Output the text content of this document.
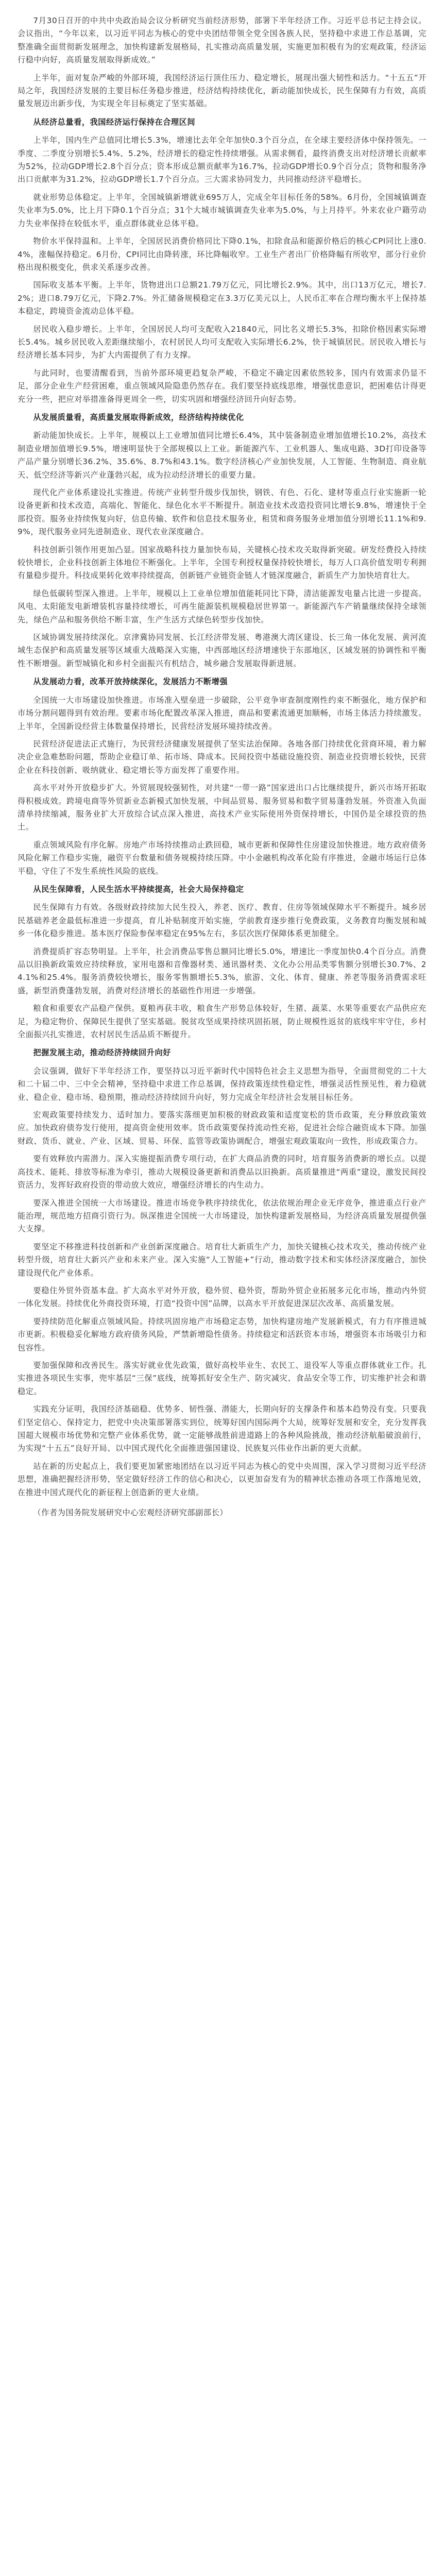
7月30日召开的中共中央政治局会议分析研究当前经济形势，部署下半年经济工作。习近平总书记主持会议。会议指出，“今年以来，以习近平同志为核心的党中央团结带领全党全国各族人民，坚持稳中求进工作总基调，完整准确全面贯彻新发展理念，加快构建新发展格局，扎实推动高质量发展，实施更加积极有为的宏观政策，经济运行稳中向好，高质量发展取得新成效。”

上半年，面对复杂严峻的外部环境，我国经济运行顶住压力、稳定增长，展现出强大韧性和活力。“十五五”开局之年，我国经济发展的主要目标任务稳步推进，经济结构持续优化，新动能加快成长，民生保障有力有效，高质量发展迈出新步伐，为实现全年目标奠定了坚实基础。

从经济总量看，我国经济运行保持在合理区间

上半年，国内生产总值同比增长5.3%，增速比去年全年加快0.3个百分点，在全球主要经济体中保持领先。一季度、二季度分别增长5.4%、5.2%，经济增长的稳定性持续增强。从需求侧看，最终消费支出对经济增长贡献率为52%，拉动GDP增长2.8个百分点；资本形成总额贡献率为16.7%，拉动GDP增长0.9个百分点；货物和服务净出口贡献率为31.2%，拉动GDP增长1.7个百分点。三大需求协同发力，共同推动经济平稳增长。

就业形势总体稳定。上半年，全国城镇新增就业695万人，完成全年目标任务的58%。6月份，全国城镇调查失业率为5.0%，比上月下降0.1个百分点；31个大城市城镇调查失业率为5.0%，与上月持平。外来农业户籍劳动力失业率保持在较低水平，重点群体就业总体平稳。

物价水平保持温和。上半年，全国居民消费价格同比下降0.1%，扣除食品和能源价格后的核心CPI同比上涨0.4%，涨幅保持稳定。6月份，CPI同比由降转涨，环比降幅收窄。工业生产者出厂价格降幅有所收窄，部分行业价格出现积极变化，供求关系逐步改善。

国际收支基本平衡。上半年，货物进出口总额21.79万亿元，同比增长2.9%。其中，出口13万亿元，增长7.2%；进口8.79万亿元，下降2.7%。外汇储备规模稳定在3.3万亿美元以上，人民币汇率在合理均衡水平上保持基本稳定，跨境资金流动总体平稳。

居民收入稳步增长。上半年，全国居民人均可支配收入21840元，同比名义增长5.3%，扣除价格因素实际增长5.4%。城乡居民收入差距继续缩小，农村居民人均可支配收入实际增长6.2%，快于城镇居民。居民收入增长与经济增长基本同步，为扩大内需提供了有力支撑。

与此同时，也要清醒看到，当前外部环境更趋复杂严峻，不稳定不确定因素依然较多，国内有效需求仍显不足，部分企业生产经营困难，重点领域风险隐患仍然存在。我们要坚持底线思维，增强忧患意识，把困难估计得更充分一些，把应对举措准备得更周全一些，切实巩固和增强经济回升向好态势。

从发展质量看，高质量发展取得新成效，经济结构持续优化

新动能加快成长。上半年，规模以上工业增加值同比增长6.4%，其中装备制造业增加值增长10.2%，高技术制造业增加值增长9.5%，增速明显快于全部规模以上工业。新能源汽车、工业机器人、集成电路、3D打印设备等产品产量分别增长36.2%、35.6%、8.7%和43.1%。数字经济核心产业加快发展，人工智能、生物制造、商业航天、低空经济等新兴产业蓬勃兴起，成为拉动经济增长的重要力量。

现代化产业体系建设扎实推进。传统产业转型升级步伐加快，钢铁、有色、石化、建材等重点行业实施新一轮设备更新和技术改造，高端化、智能化、绿色化水平不断提升。制造业技术改造投资同比增长9.8%，增速快于全部投资。服务业持续恢复向好，信息传输、软件和信息技术服务业，租赁和商务服务业增加值分别增长11.1%和9.9%，现代服务业同先进制造业、现代农业深度融合。

科技创新引领作用更加凸显。国家战略科技力量加快布局，关键核心技术攻关取得新突破。研发经费投入持续较快增长，企业科技创新主体地位不断强化。上半年，全国专利授权量保持较快增长，每万人口高价值发明专利拥有量稳步提升。科技成果转化效率持续提高，创新链产业链资金链人才链深度融合，新质生产力加快培育壮大。

绿色低碳转型深入推进。上半年，规模以上工业单位增加值能耗同比下降，清洁能源发电量占比进一步提高。风电、太阳能发电新增装机容量持续增长，可再生能源装机规模稳居世界第一。新能源汽车产销量继续保持全球领先，绿色产品和服务供给不断丰富，生产生活方式绿色转型步伐加快。

区域协调发展持续深化。京津冀协同发展、长江经济带发展、粤港澳大湾区建设、长三角一体化发展、黄河流域生态保护和高质量发展等区域重大战略深入实施，中西部地区经济增速快于东部地区，区域发展的协调性和平衡性不断增强。新型城镇化和乡村全面振兴有机结合，城乡融合发展取得新进展。

从发展动力看，改革开放持续深化，发展活力不断增强

全国统一大市场建设加快推进。市场准入壁垒进一步破除，公平竞争审查制度刚性约束不断强化，地方保护和市场分割问题得到有效治理。要素市场化配置改革深入推进，商品和要素流通更加顺畅，市场主体活力持续激发。上半年，全国新设经营主体数量保持增长，民营经济发展环境持续改善。

民营经济促进法正式施行，为民营经济健康发展提供了坚实法治保障。各地各部门持续优化营商环境，着力解决企业急难愁盼问题，帮助企业稳订单、拓市场、降成本。民间投资中基础设施投资、制造业投资增长较快，民营企业在科技创新、吸纳就业、稳定增长等方面发挥了重要作用。

高水平对外开放稳步扩大。外贸展现较强韧性，对共建“一带一路”国家进出口占比继续提升，新兴市场开拓取得积极成效。跨境电商等外贸新业态新模式加快发展，中间品贸易、服务贸易和数字贸易蓬勃发展。外资准入负面清单持续缩减，服务业扩大开放综合试点深入推进，高技术产业实际使用外资保持增长，中国仍是全球投资的热土。

重点领域风险有序化解。房地产市场持续推动止跌回稳，城市更新和保障性住房建设加快推进。地方政府债务风险化解工作稳步实施，融资平台数量和债务规模持续压降。中小金融机构改革化险有序推进，金融市场运行总体平稳，守住了不发生系统性风险的底线。

从民生保障看，人民生活水平持续提高，社会大局保持稳定

民生保障有力有效。各级财政持续加大民生投入，养老、医疗、教育、住房等领域保障水平不断提升。城乡居民基础养老金最低标准进一步提高，育儿补贴制度开始实施，学前教育逐步推行免费政策，义务教育均衡发展和城乡一体化稳步推进。基本医疗保险参保率稳定在95%左右，多层次医疗保障体系更加健全。

消费提质扩容态势明显。上半年，社会消费品零售总额同比增长5.0%，增速比一季度加快0.4个百分点。消费品以旧换新政策效应持续释放，家用电器和音像器材类、通讯器材类、文化办公用品类零售额分别增长30.7%、24.1%和25.4%。服务消费较快增长，服务零售额增长5.3%，旅游、文化、体育、健康、养老等服务消费需求旺盛，新型消费蓬勃发展，消费对经济增长的基础性作用进一步增强。

粮食和重要农产品稳产保供。夏粮再获丰收，粮食生产形势总体较好，生猪、蔬菜、水果等重要农产品供应充足，为稳定物价、保障民生提供了坚实基础。脱贫攻坚成果持续巩固拓展，防止规模性返贫的底线牢牢守住，乡村全面振兴扎实推进，农村居民生活品质不断提升。

把握发展主动，推动经济持续回升向好

会议强调，做好下半年经济工作，要坚持以习近平新时代中国特色社会主义思想为指导，全面贯彻党的二十大和二十届二中、三中全会精神，坚持稳中求进工作总基调，保持政策连续性稳定性，增强灵活性预见性，着力稳就业、稳企业、稳市场、稳预期，推动经济持续回升向好，努力完成全年经济社会发展目标任务。

宏观政策要持续发力、适时加力。要落实落细更加积极的财政政策和适度宽松的货币政策，充分释放政策效应。加快政府债券发行使用，提高资金使用效率。货币政策要保持流动性充裕，促进社会综合融资成本下降。加强财政、货币、就业、产业、区域、贸易、环保、监管等政策协调配合，增强宏观政策取向一致性，形成政策合力。

要有效释放内需潜力。深入实施提振消费专项行动，在扩大商品消费的同时，培育服务消费新的增长点。以提高技术、能耗、排放等标准为牵引，推动大规模设备更新和消费品以旧换新。高质量推进“两重”建设，激发民间投资活力，发挥好政府投资的带动放大效应，增强经济增长的内生动力。

要深入推进全国统一大市场建设。推进市场竞争秩序持续优化，依法依规治理企业无序竞争，推进重点行业产能治理，规范地方招商引资行为。纵深推进全国统一大市场建设，加快构建新发展格局，为经济高质量发展提供强大支撑。

要坚定不移推进科技创新和产业创新深度融合。培育壮大新质生产力，加快关键核心技术攻关，推动传统产业转型升级，培育壮大新兴产业和未来产业。深入实施“人工智能+”行动，推动数字技术和实体经济深度融合，加快建设现代化产业体系。

要稳住外贸外资基本盘。扩大高水平对外开放，稳外贸、稳外资，帮助外贸企业拓展多元化市场，推动内外贸一体化发展。持续优化外商投资环境，打造“投资中国”品牌，以高水平开放促进深层次改革、高质量发展。

要持续防范化解重点领域风险。持续巩固房地产市场稳定态势，加快构建房地产发展新模式，有力有序推进城市更新。积极稳妥化解地方政府债务风险，严禁新增隐性债务。持续稳定和活跃资本市场，增强资本市场吸引力和包容性。

要加强保障和改善民生。落实好就业优先政策，做好高校毕业生、农民工、退役军人等重点群体就业工作。扎实推进各项民生实事，兜牢基层“三保”底线，统筹抓好安全生产、防灾减灾、食品安全等工作，切实维护社会和谐稳定。

实践充分证明，我国经济基础稳、优势多、韧性强、潜能大，长期向好的支撑条件和基本趋势没有变。只要我们坚定信心、保持定力，把党中央决策部署落实到位，统筹好国内国际两个大局，统筹好发展和安全，充分发挥我国超大规模市场优势和完整产业体系优势，就一定能够战胜前进道路上的各种风险挑战，推动经济航船破浪前行，为实现“十五五”良好开局、以中国式现代化全面推进强国建设、民族复兴伟业作出新的更大贡献。

站在新的历史起点上，我们要更加紧密地团结在以习近平同志为核心的党中央周围，深入学习贯彻习近平经济思想，准确把握经济形势，坚定做好经济工作的信心和决心，以更加奋发有为的精神状态推动各项工作落地见效，在推进中国式现代化的新征程上创造新的更大业绩。

（作者为国务院发展研究中心宏观经济研究部副部长）
